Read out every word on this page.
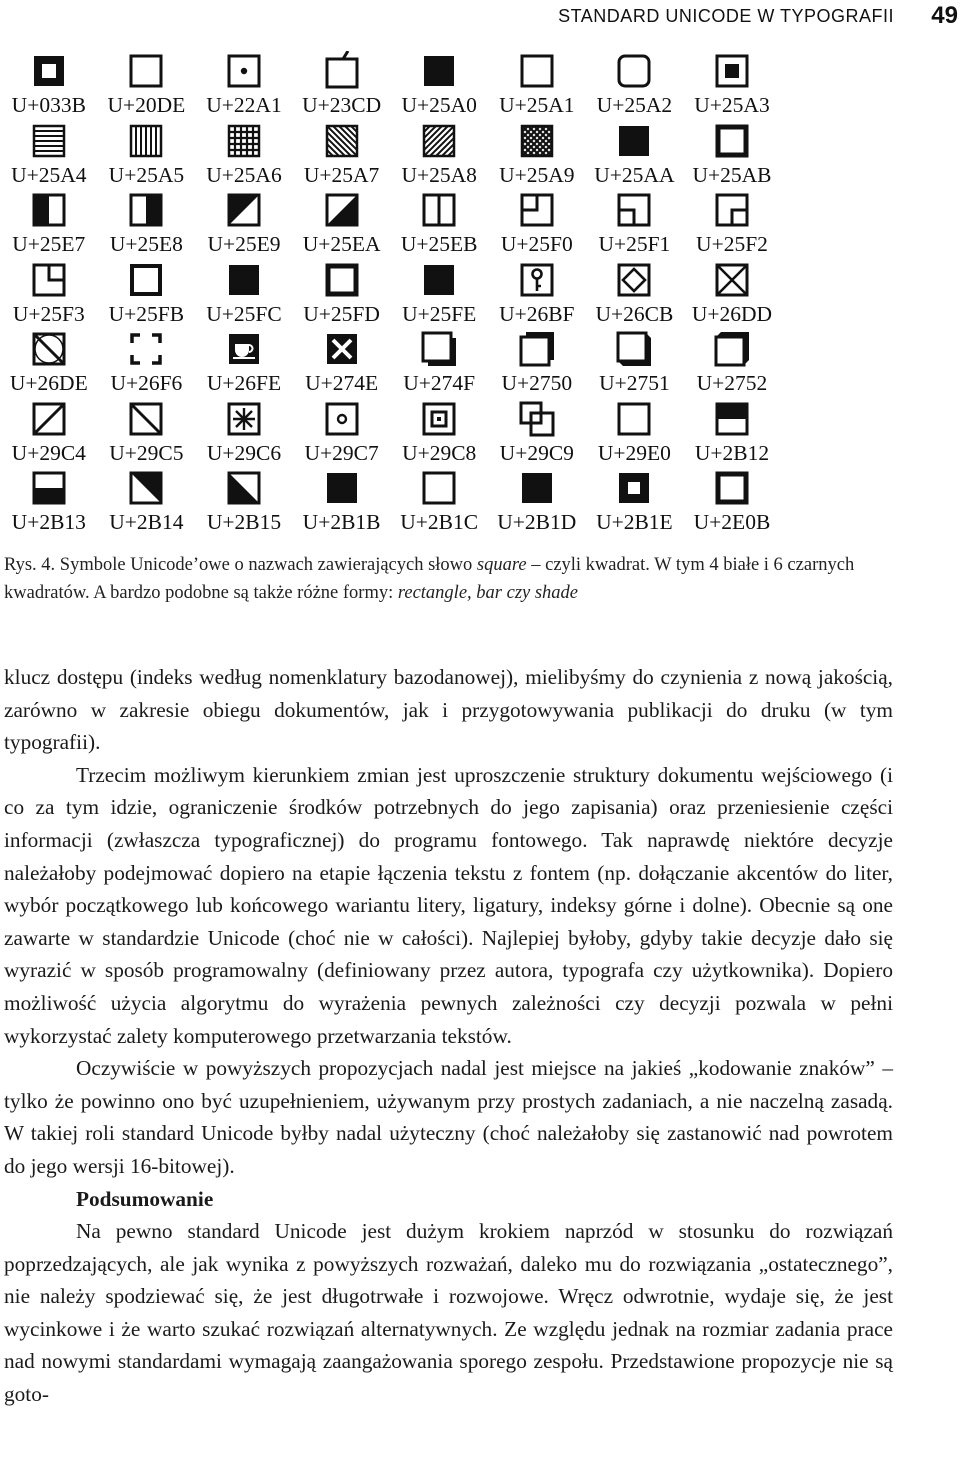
STANDARD UNICODE W TYPOGRAFII 49
U+033B	U+20DE U+22A1 U+23CD U+25A0	U+25A1	U+25A2	U+25A3
U+25A4	U+25A5	U+25A6	U+25A7	U+25A8	U+25A9 U+25AA U+25AB
U+25E7	U+25E8	U+25E9	U+25EA U+25EB	U+25F0	U+25F1	U+25F2
U+25F3	U+25FB	U+25FC	U+25FD	U+25FE	U+26BF U+26CB U+26DD
U+26DE	U+26F6	U+26FE	U+274E	U+274F	U+2750	U+2751	U+2752
U+29C4	U+29C5	U+29C6	U+29C7	U+29C8	U+29C9	U+29E0	U+2B12
U+2B13	U+2B14	U+2B15	U+2B1B U+2B1C U+2B1D U+2B1E U+2E0B
Rys. 4. Symbole Unicode’owe o nazwach zawierających słowo square – czyli kwadrat. W tym 4 białe i 6 czarnych kwadratów. A bardzo podobne są także różne formy: rectangle, bar czy shade

klucz dostępu (indeks według nomenklatury bazodanowej), mielibyśmy do czynienia z nową jakością, zarówno w zakresie obiegu dokumentów, jak i przygotowywania publikacji do druku (w tym typografii).

Trzecim możliwym kierunkiem zmian jest uproszczenie struktury dokumentu wejściowego (i co za tym idzie, ograniczenie środków potrzebnych do jego zapisania) oraz przeniesienie części informacji (zwłaszcza typograficznej) do programu fontowego. Tak naprawdę niektóre decyzje należałoby podejmować dopiero na etapie łączenia tekstu z fontem (np. dołączanie akcentów do liter, wybór początkowego lub końcowego wariantu litery, ligatury, indeksy górne i dolne). Obecnie są one zawarte w standardzie Unicode (choć nie w całości). Najlepiej byłoby, gdyby takie decyzje dało się wyrazić w sposób programowalny (definiowany przez autora, typografa czy użytkownika). Dopiero możliwość użycia algorytmu do wyrażenia pewnych zależności czy decyzji pozwala w pełni wykorzystać zalety komputerowego przetwarzania tekstów.

Oczywiście w powyższych propozycjach nadal jest miejsce na jakieś „kodowanie znaków” – tylko że powinno ono być uzupełnieniem, używanym przy prostych zadaniach, a nie naczelną zasadą. W takiej roli standard Unicode byłby nadal użyteczny (choć należałoby się zastanowić nad powrotem do jego wersji 16-bitowej).

Podsumowanie

Na pewno standard Unicode jest dużym krokiem naprzód w stosunku do rozwiązań poprzedzających, ale jak wynika z powyższych rozważań, daleko mu do rozwiązania „ostatecznego”, nie należy spodziewać się, że jest długotrwałe i rozwojowe. Wręcz odwrotnie, wydaje się, że jest wycinkowe i że warto szukać rozwiązań alternatywnych. Ze względu jednak na rozmiar zadania prace nad nowymi standardami wymagają zaangażowania sporego zespołu. Przedstawione propozycje nie są goto-
